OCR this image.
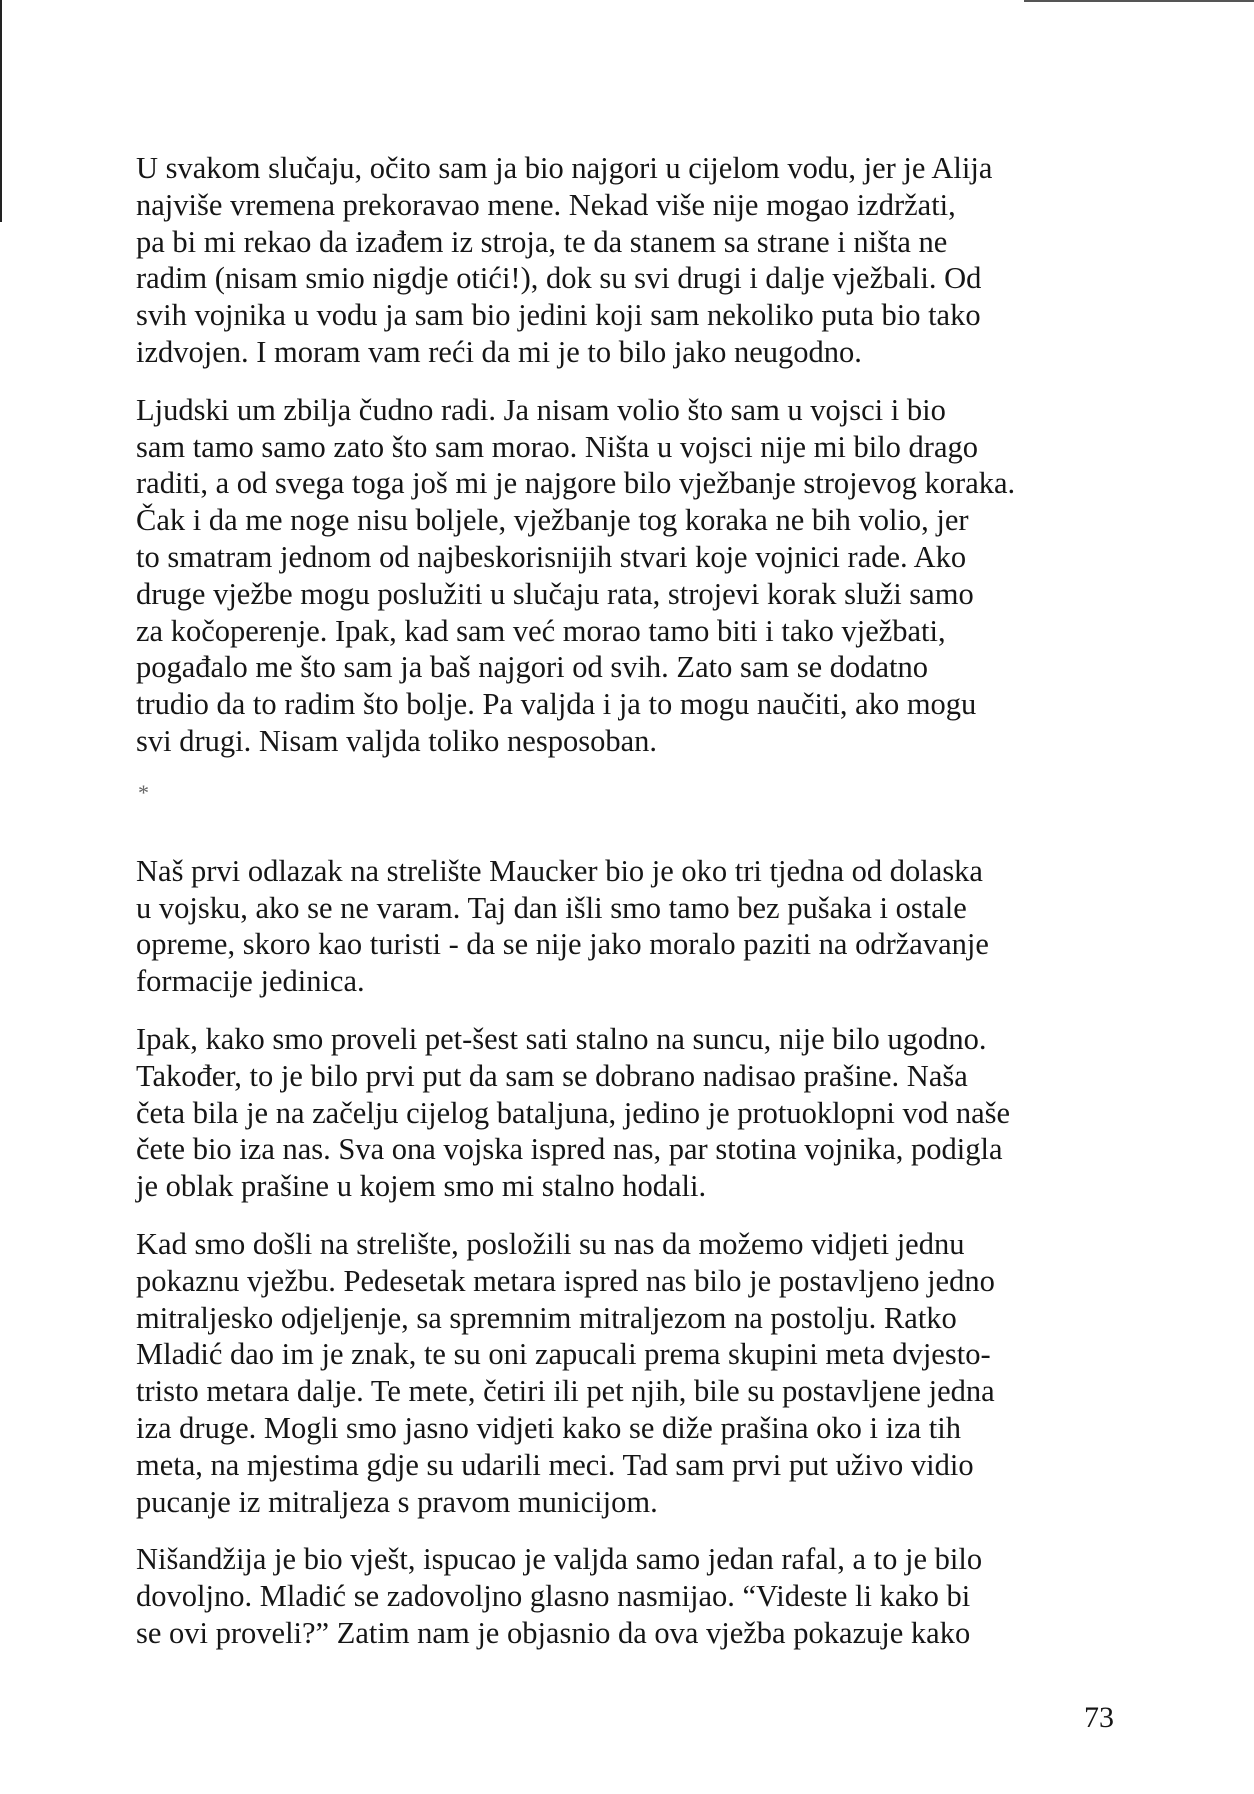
U svakom slučaju, očito sam ja bio najgori u cijelom vodu, jer je Alija
najviše vremena prekoravao mene. Nekad više nije mogao izdržati,
pa bi mi rekao da izađem iz stroja, te da stanem sa strane i ništa ne
radim (nisam smio nigdje otići!), dok su svi drugi i dalje vježbali. Od
svih vojnika u vodu ja sam bio jedini koji sam nekoliko puta bio tako
izdvojen. I moram vam reći da mi je to bilo jako neugodno.

Ljudski um zbilja čudno radi. Ja nisam volio što sam u vojsci i bio
sam tamo samo zato što sam morao. Ništa u vojsci nije mi bilo drago
raditi, a od svega toga još mi je najgore bilo vježbanje strojevog koraka.
Čak i da me noge nisu boljele, vježbanje tog koraka ne bih volio, jer
to smatram jednom od najbeskorisnijih stvari koje vojnici rade. Ako
druge vježbe mogu poslužiti u slučaju rata, strojevi korak služi samo
za kočoperenje. Ipak, kad sam već morao tamo biti i tako vježbati,
pogađalo me što sam ja baš najgori od svih. Zato sam se dodatno
trudio da to radim što bolje. Pa valjda i ja to mogu naučiti, ako mogu
svi drugi. Nisam valjda toliko nesposoban.

*

Naš prvi odlazak na strelište Maucker bio je oko tri tjedna od dolaska
u vojsku, ako se ne varam. Taj dan išli smo tamo bez pušaka i ostale
opreme, skoro kao turisti - da se nije jako moralo paziti na održavanje
formacije jedinica.

Ipak, kako smo proveli pet-šest sati stalno na suncu, nije bilo ugodno.
Također, to je bilo prvi put da sam se dobrano nadisao prašine. Naša
četa bila je na začelju cijelog bataljuna, jedino je protuoklopni vod naše
čete bio iza nas. Sva ona vojska ispred nas, par stotina vojnika, podigla
je oblak prašine u kojem smo mi stalno hodali.

Kad smo došli na strelište, posložili su nas da možemo vidjeti jednu
pokaznu vježbu. Pedesetak metara ispred nas bilo je postavljeno jedno
mitraljesko odjeljenje, sa spremnim mitraljezom na postolju. Ratko
Mladić dao im je znak, te su oni zapucali prema skupini meta dvjesto-
tristo metara dalje. Te mete, četiri ili pet njih, bile su postavljene jedna
iza druge. Mogli smo jasno vidjeti kako se diže prašina oko i iza tih
meta, na mjestima gdje su udarili meci. Tad sam prvi put uživo vidio
pucanje iz mitraljeza s pravom municijom.

Nišandžija je bio vješt, ispucao je valjda samo jedan rafal, a to je bilo
dovoljno. Mladić se zadovoljno glasno nasmijao. “Videste li kako bi
se ovi proveli?” Zatim nam je objasnio da ova vježba pokazuje kako

73
